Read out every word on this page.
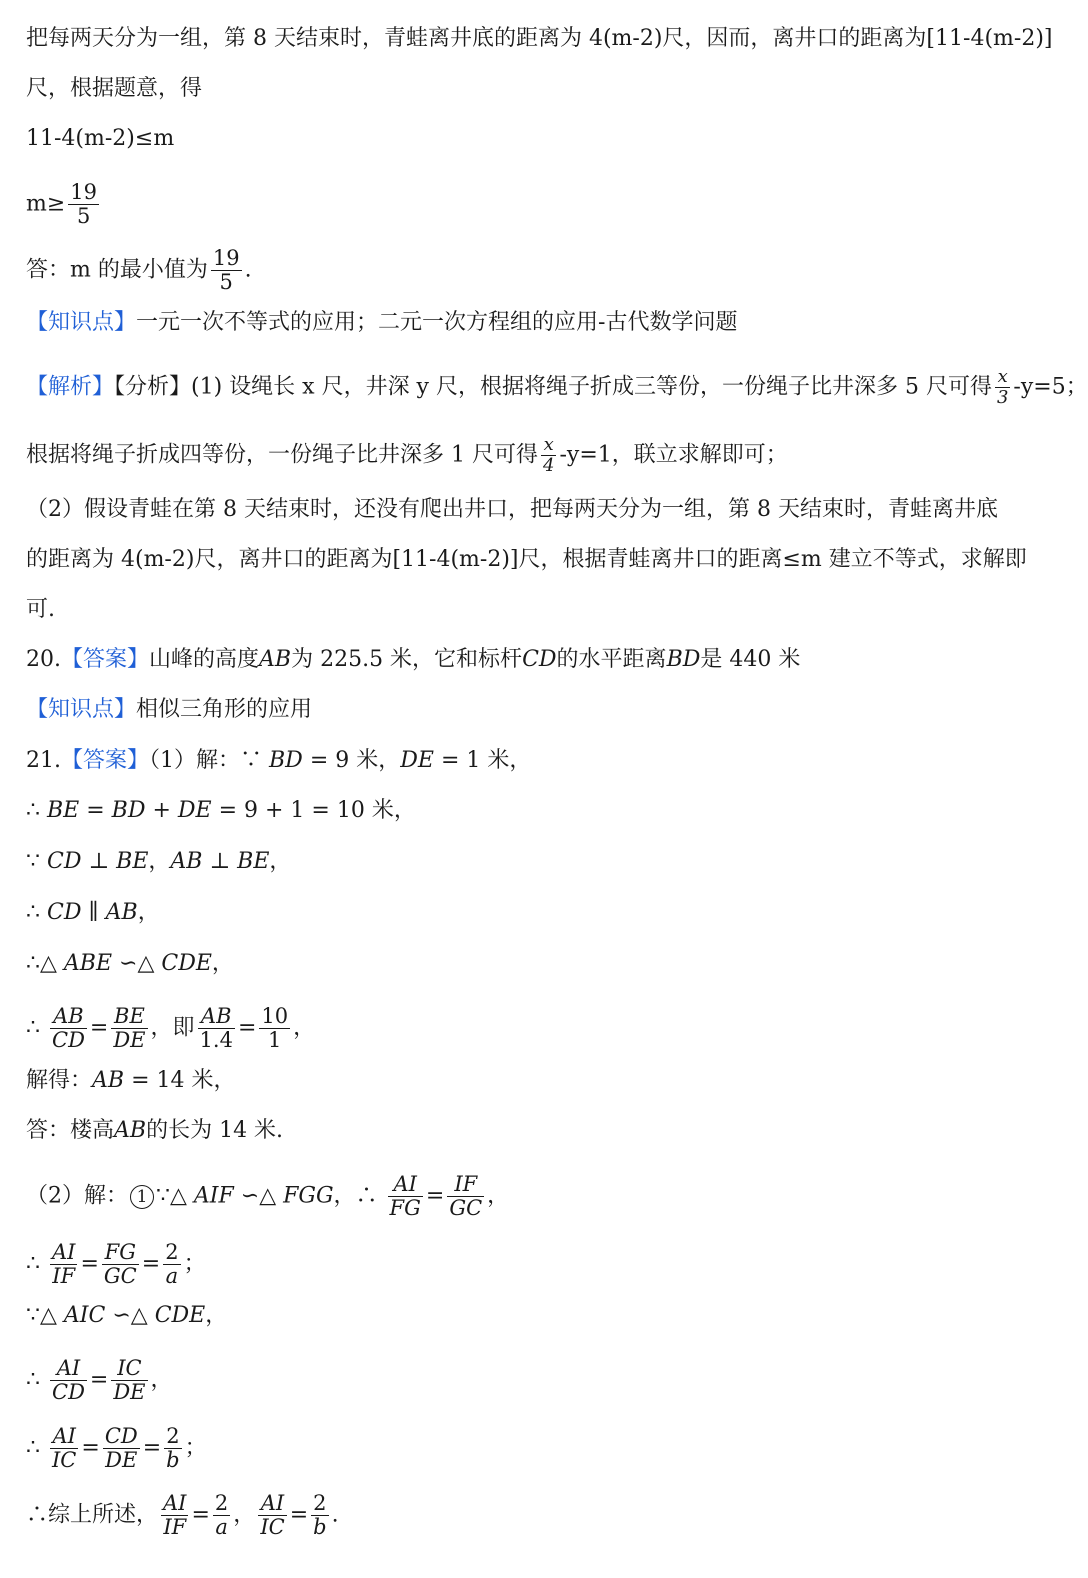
把每两天分为一组，第 8 天结束时，青蛙离井底的距离为 4(m-2)尺，因而，离井口的距离为[11-4(m-2)]
尺，根据题意，得
11-4(m-2)≤m
$m\ge \frac{19}{5}$
答：m 的最小值为 $\frac{19}{5}$ .
【知识点】一元一次不等式的应用；二元一次方程组的应用-古代数学问题
【解析】【分析】(1) 设绳长 x 尺，井深 y 尺，根据将绳子折成三等份，一份绳子比井深多 5 尺可得 $\frac{x}{3} -y=5$；
根据将绳子折成四等份，一份绳子比井深多 1 尺可得 $\frac{x}{4} -y=1$，联立求解即可；
（2）假设青蛙在第 8 天结束时，还没有爬出井口，把每两天分为一组，第 8 天结束时，青蛙离井底
的距离为 4(m-2)尺，离井口的距离为[11-4(m-2)]尺，根据青蛙离井口的距离≤m 建立不等式，求解即
可.
20.【答案】山峰的高度AB为 225.5 米，它和标杆CD的水平距离BD是 440 米
【知识点】相似三角形的应用
21.【答案】（1）解：∵ BD = 9 米，DE = 1 米，
∴ BE = BD + DE = 9 + 1 = 10 米，
∵ CD ⊥ BE，AB ⊥ BE，
∴ CD ∥ AB，
∴△ ABE ∽△ CDE，
∴ $\frac{AB}{CD} = \frac{BE}{DE}$ ，即 $\frac{AB}{1.4} = \frac{10}{1}$ ，
解得：AB = 14 米，
答：楼高AB的长为 14 米.
（2）解： 1 ∵△ AIF ∽△ FGG，∴ $\frac{AI}{FG} = \frac{IF}{GC}$ ，
∴ $\frac{AI}{IF} = \frac{FG}{GC} = \frac{2}{a}$ ；
∵△ AIC ∽△ CDE，
∴ $\frac{AI}{CD} = \frac{IC}{DE}$ ，
∴ $\frac{AI}{IC} = \frac{CD}{DE} = \frac{2}{b}$ ；
∴综上所述， $\frac{AI}{IF} = \frac{2}{a}$ ， $\frac{AI}{IC} = \frac{2}{b}$ .
